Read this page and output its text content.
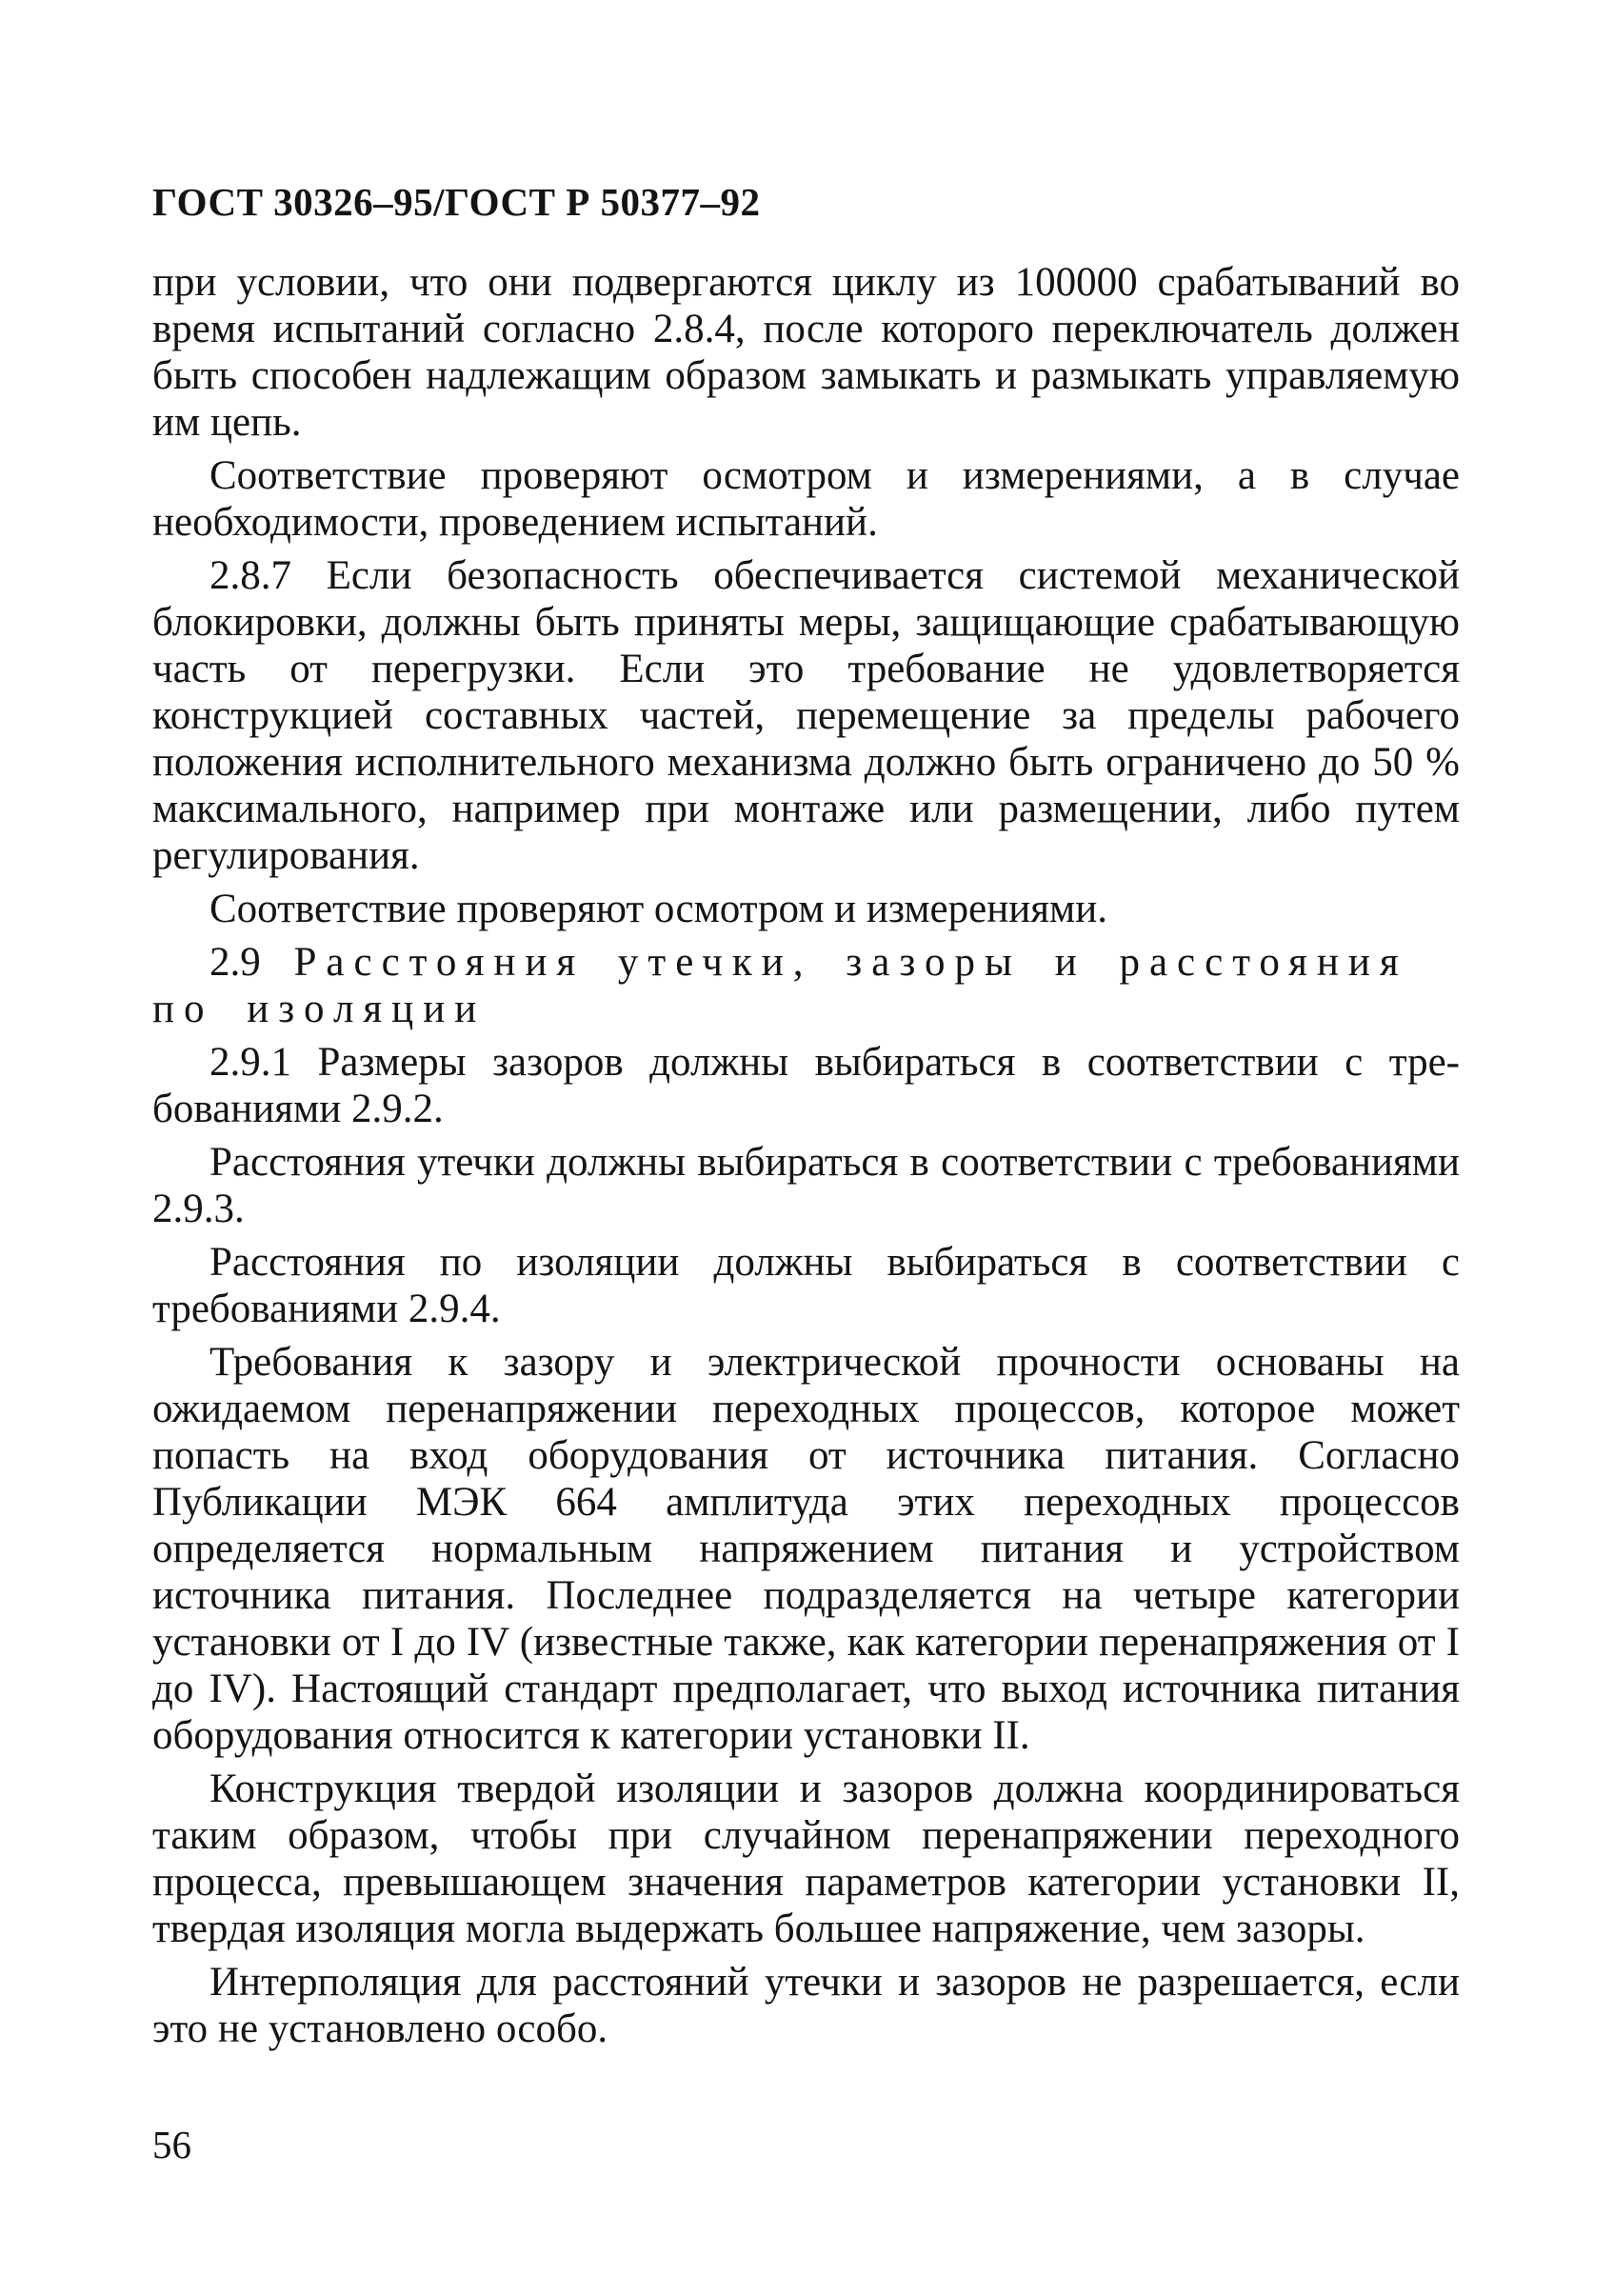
ГОСТ 30326–95/ГОСТ Р 50377–92

при условии, что они подвергаются циклу из 100000 срабатываний во время испытаний согласно 2.8.4, после которого переключатель должен быть способен надлежащим образом замыкать и размыкать управляемую им цепь.

Соответствие проверяют осмотром и измерениями, а в случае необходимости, проведением испытаний.

2.8.7 Если безопасность обеспечивается системой механической блокировки, должны быть приняты меры, защищающие срабатывающую часть от перегрузки. Если это требование не удовлетворяется конструкцией составных частей, перемещение за пределы рабочего положения исполнительного механизма должно быть ограничено до 50 % максимального, например при монтаже или размещении, либо путем регулирования.

Соответствие проверяют осмотром и измерениями.

2.9 Расстояния утечки, зазоры и расстояния по изоляции

2.9.1 Размеры зазоров должны выбираться в соответствии с требованиями 2.9.2.

Расстояния утечки должны выбираться в соответствии с требованиями 2.9.3.

Расстояния по изоляции должны выбираться в соответствии с требованиями 2.9.4.

Требования к зазору и электрической прочности основаны на ожидаемом перенапряжении переходных процессов, которое может попасть на вход оборудования от источника питания. Согласно Публикации МЭК 664 амплитуда этих переходных процессов определяется нормальным напряжением питания и устройством источника питания. Последнее подразделяется на четыре категории установки от I до IV (известные также, как категории перенапряжения от I до IV). Настоящий стандарт предполагает, что выход источника питания оборудования относится к категории установки II.

Конструкция твердой изоляции и зазоров должна координироваться таким образом, чтобы при случайном перенапряжении переходного процесса, превышающем значения параметров категории установки II, твердая изоляция могла выдержать большее напряжение, чем зазоры.

Интерполяция для расстояний утечки и зазоров не разрешается, если это не установлено особо.

56
